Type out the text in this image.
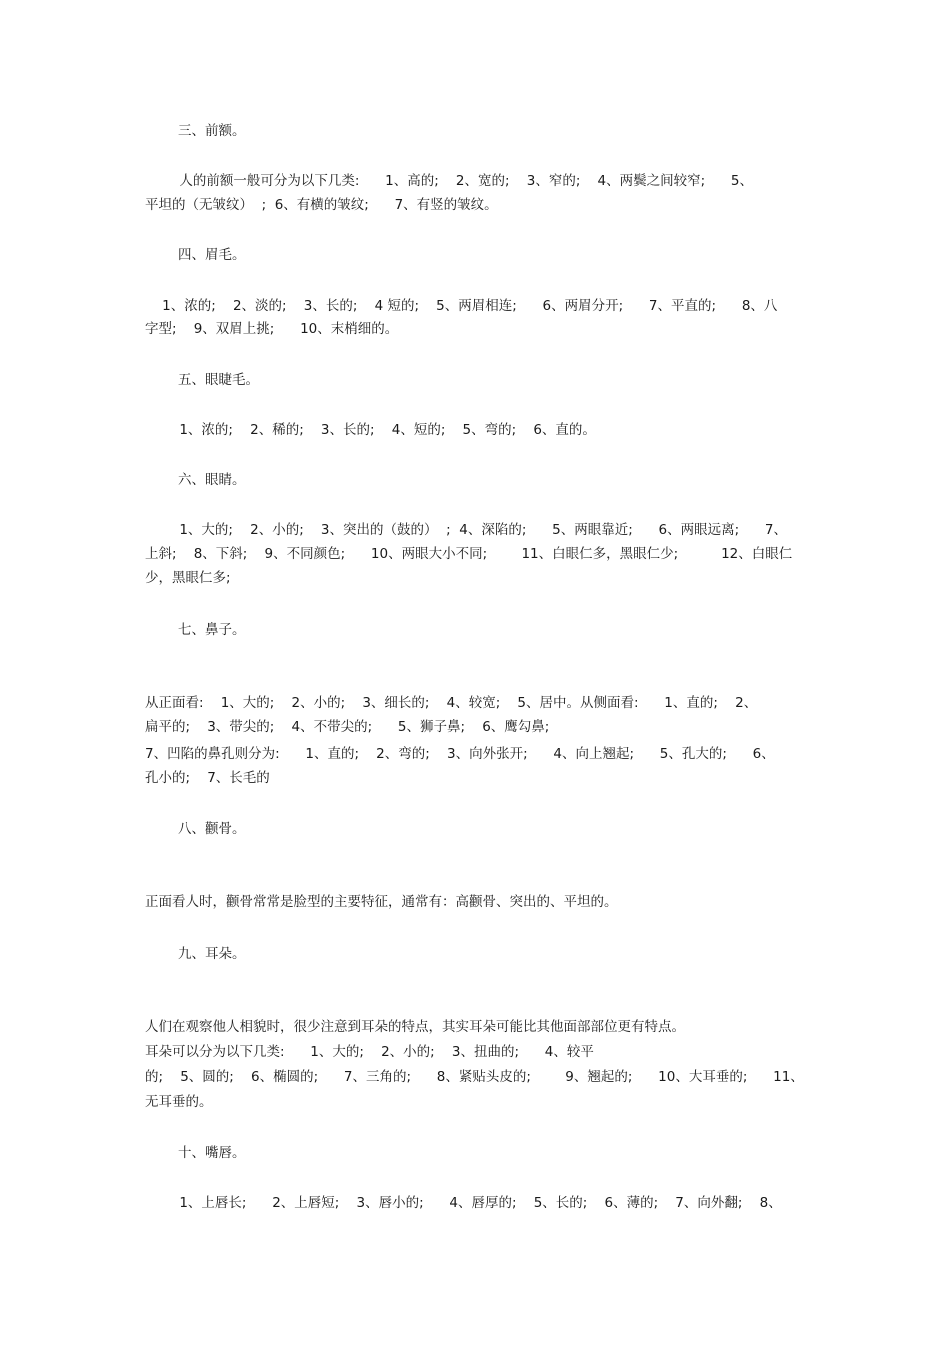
三、前额。

人的前额一般可分为以下几类:      1、高的;    2、宽的;    3、窄的;    4、两鬓之间较窄;      5、

平坦的（无皱纹）  ;  6、有横的皱纹;      7、有竖的皱纹。

四、眉毛。

1、浓的;    2、淡的;    3、长的;    4 短的;    5、两眉相连;      6、两眉分开;      7、平直的;      8、八

字型;    9、双眉上挑;      10、末梢细的。

五、眼睫毛。

1、浓的;    2、稀的;    3、长的;    4、短的;    5、弯的;    6、直的。

六、眼睛。

1、大的;    2、小的;    3、突出的（鼓的）  ;  4、深陷的;      5、两眼靠近;      6、两眼远离;      7、

上斜;    8、下斜;    9、不同颜色;      10、两眼大小不同;        11、白眼仁多，黑眼仁少;          12、白眼仁

少，黑眼仁多;

七、鼻子。

从正面看:    1、大的;    2、小的;    3、细长的;    4、较宽;    5、居中。从侧面看:      1、直的;    2、

扁平的;    3、带尖的;    4、不带尖的;      5、狮子鼻;    6、鹰勾鼻;

7、凹陷的鼻孔则分为:      1、直的;    2、弯的;    3、向外张开;      4、向上翘起;      5、孔大的;      6、

孔小的;    7、长毛的

八、颧骨。

正面看人时，颧骨常常是脸型的主要特征，通常有：高颧骨、突出的、平坦的。

九、耳朵。

人们在观察他人相貌时，很少注意到耳朵的特点，其实耳朵可能比其他面部部位更有特点。

耳朵可以分为以下几类:      1、大的;    2、小的;    3、扭曲的;      4、较平

的;    5、圆的;    6、椭圆的;      7、三角的;      8、紧贴头皮的;        9、翘起的;      10、大耳垂的;      11、

无耳垂的。

十、嘴唇。

1、上唇长;      2、上唇短;    3、唇小的;      4、唇厚的;    5、长的;    6、薄的;    7、向外翻;    8、
